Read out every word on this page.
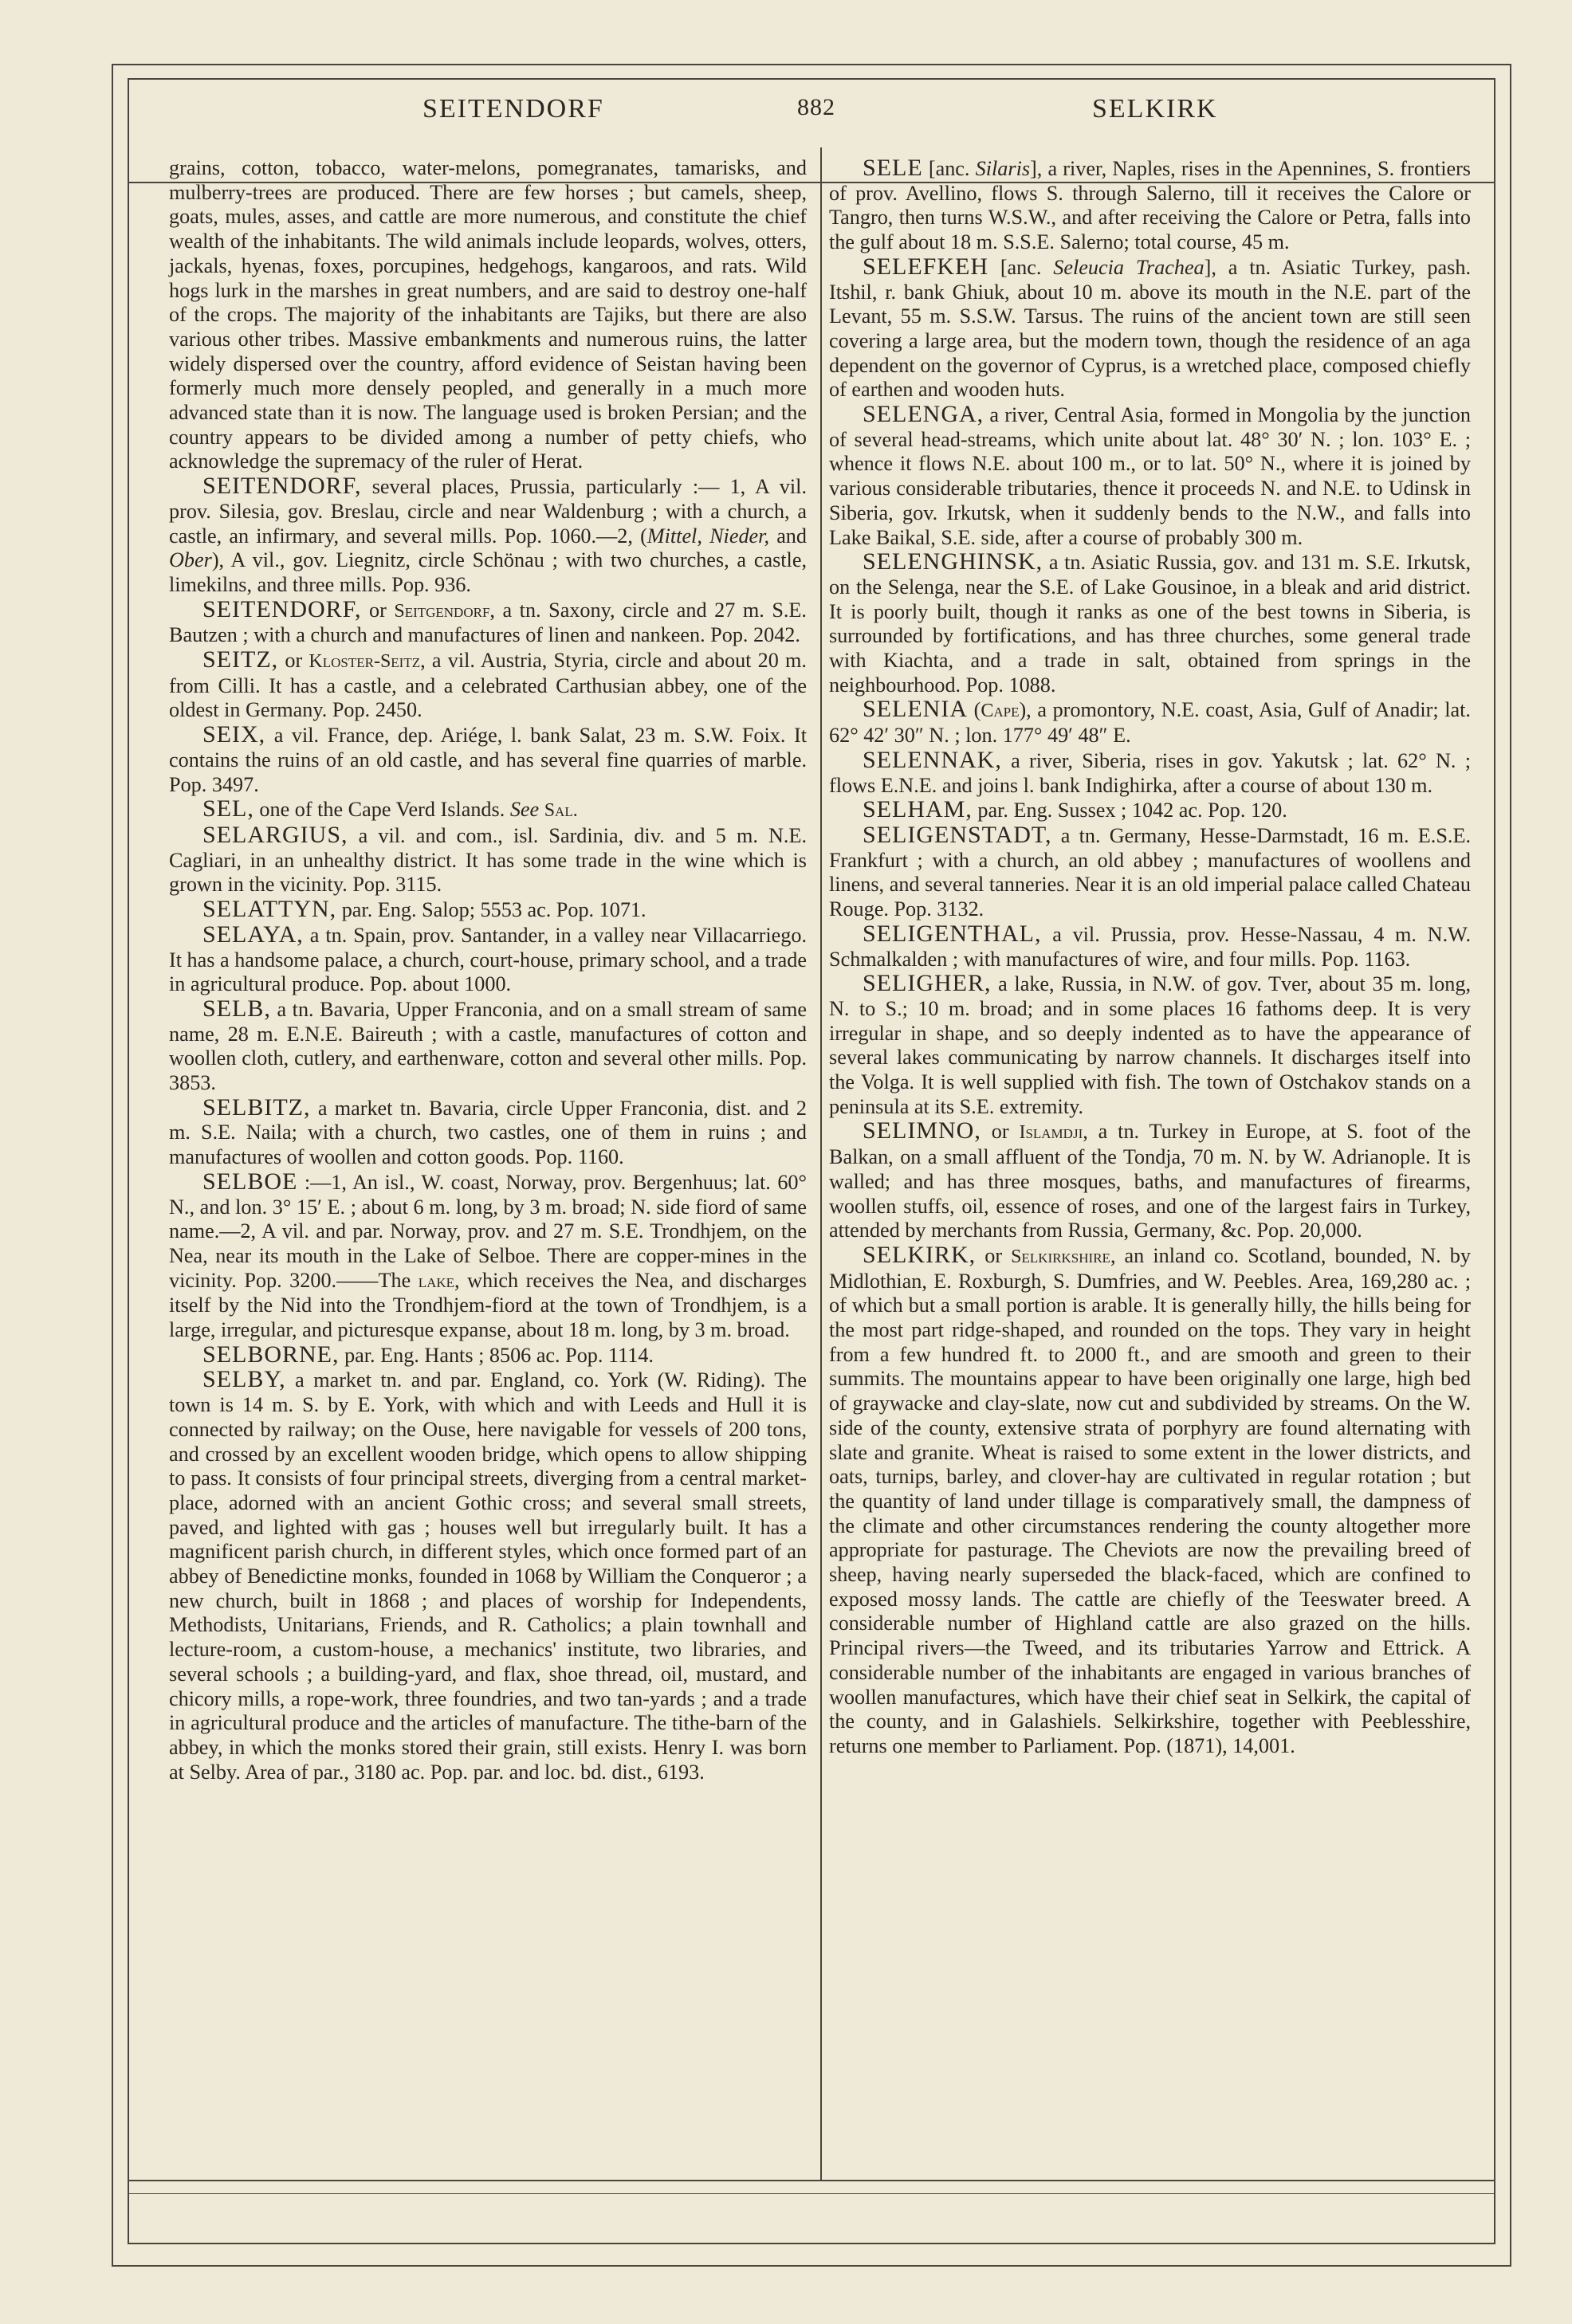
SEITENDORF	882	SELKIRK

grains, cotton, tobacco, water-melons, pomegranates, tamarisks, and mulberry-trees are produced. There are few horses ; but camels, sheep, goats, mules, asses, and cattle are more numerous, and constitute the chief wealth of the inhabitants. The wild animals include leopards, wolves, otters, jackals, hyenas, foxes, porcupines, hedgehogs, kangaroos, and rats. Wild hogs lurk in the marshes in great numbers, and are said to destroy one-half of the crops. The majority of the inhabitants are Tajiks, but there are also various other tribes. Massive embankments and numerous ruins, the latter widely dispersed over the country, afford evidence of Seistan having been formerly much more densely peopled, and generally in a much more advanced state than it is now. The language used is broken Persian; and the country appears to be divided among a number of petty chiefs, who acknowledge the supremacy of the ruler of Herat.

SEITENDORF, several places, Prussia, particularly :— 1, A vil. prov. Silesia, gov. Breslau, circle and near Waldenburg ; with a church, a castle, an infirmary, and several mills. Pop. 1060.—2, (Mittel, Nieder, and Ober), A vil., gov. Liegnitz, circle Schönau ; with two churches, a castle, limekilns, and three mills. Pop. 936.

SEITENDORF, or Seitgendorf, a tn. Saxony, circle and 27 m. S.E. Bautzen ; with a church and manufactures of linen and nankeen. Pop. 2042.

SEITZ, or Kloster-Seitz, a vil. Austria, Styria, circle and about 20 m. from Cilli. It has a castle, and a celebrated Carthusian abbey, one of the oldest in Germany. Pop. 2450.

SEIX, a vil. France, dep. Ariége, l. bank Salat, 23 m. S.W. Foix. It contains the ruins of an old castle, and has several fine quarries of marble. Pop. 3497.

SEL, one of the Cape Verd Islands. See Sal.

SELARGIUS, a vil. and com., isl. Sardinia, div. and 5 m. N.E. Cagliari, in an unhealthy district. It has some trade in the wine which is grown in the vicinity. Pop. 3115.

SELATTYN, par. Eng. Salop; 5553 ac. Pop. 1071.

SELAYA, a tn. Spain, prov. Santander, in a valley near Villacarriego. It has a handsome palace, a church, court-house, primary school, and a trade in agricultural produce. Pop. about 1000.

SELB, a tn. Bavaria, Upper Franconia, and on a small stream of same name, 28 m. E.N.E. Baireuth ; with a castle, manufactures of cotton and woollen cloth, cutlery, and earthenware, cotton and several other mills. Pop. 3853.

SELBITZ, a market tn. Bavaria, circle Upper Franconia, dist. and 2 m. S.E. Naila; with a church, two castles, one of them in ruins ; and manufactures of woollen and cotton goods. Pop. 1160.

SELBOE :—1, An isl., W. coast, Norway, prov. Bergenhuus; lat. 60° N., and lon. 3° 15′ E. ; about 6 m. long, by 3 m. broad; N. side fiord of same name.—2, A vil. and par. Norway, prov. and 27 m. S.E. Trondhjem, on the Nea, near its mouth in the Lake of Selboe. There are copper-mines in the vicinity. Pop. 3200.——The lake, which receives the Nea, and discharges itself by the Nid into the Trondhjem-fiord at the town of Trondhjem, is a large, irregular, and picturesque expanse, about 18 m. long, by 3 m. broad.

SELBORNE, par. Eng. Hants ; 8506 ac. Pop. 1114.

SELBY, a market tn. and par. England, co. York (W. Riding). The town is 14 m. S. by E. York, with which and with Leeds and Hull it is connected by railway; on the Ouse, here navigable for vessels of 200 tons, and crossed by an excellent wooden bridge, which opens to allow shipping to pass. It consists of four principal streets, diverging from a central market-place, adorned with an ancient Gothic cross; and several small streets, paved, and lighted with gas ; houses well but irregularly built. It has a magnificent parish church, in different styles, which once formed part of an abbey of Benedictine monks, founded in 1068 by William the Conqueror ; a new church, built in 1868 ; and places of worship for Independents, Methodists, Unitarians, Friends, and R. Catholics; a plain townhall and lecture-room, a custom-house, a mechanics' institute, two libraries, and several schools ; a building-yard, and flax, shoe thread, oil, mustard, and chicory mills, a rope-work, three foundries, and two tan-yards ; and a trade in agricultural produce and the articles of manufacture. The tithe-barn of the abbey, in which the monks stored their grain, still exists. Henry I. was born at Selby. Area of par., 3180 ac. Pop. par. and loc. bd. dist., 6193.

SELE [anc. Silaris], a river, Naples, rises in the Apennines, S. frontiers of prov. Avellino, flows S. through Salerno, till it receives the Calore or Tangro, then turns W.S.W., and after receiving the Calore or Petra, falls into the gulf about 18 m. S.S.E. Salerno; total course, 45 m.

SELEFKEH [anc. Seleucia Trachea], a tn. Asiatic Turkey, pash. Itshil, r. bank Ghiuk, about 10 m. above its mouth in the N.E. part of the Levant, 55 m. S.S.W. Tarsus. The ruins of the ancient town are still seen covering a large area, but the modern town, though the residence of an aga dependent on the governor of Cyprus, is a wretched place, composed chiefly of earthen and wooden huts.

SELENGA, a river, Central Asia, formed in Mongolia by the junction of several head-streams, which unite about lat. 48° 30′ N. ; lon. 103° E. ; whence it flows N.E. about 100 m., or to lat. 50° N., where it is joined by various considerable tributaries, thence it proceeds N. and N.E. to Udinsk in Siberia, gov. Irkutsk, when it suddenly bends to the N.W., and falls into Lake Baikal, S.E. side, after a course of probably 300 m.

SELENGHINSK, a tn. Asiatic Russia, gov. and 131 m. S.E. Irkutsk, on the Selenga, near the S.E. of Lake Gousinoe, in a bleak and arid district. It is poorly built, though it ranks as one of the best towns in Siberia, is surrounded by fortifications, and has three churches, some general trade with Kiachta, and a trade in salt, obtained from springs in the neighbourhood. Pop. 1088.

SELENIA (Cape), a promontory, N.E. coast, Asia, Gulf of Anadir; lat. 62° 42′ 30″ N. ; lon. 177° 49′ 48″ E.

SELENNAK, a river, Siberia, rises in gov. Yakutsk ; lat. 62° N. ; flows E.N.E. and joins l. bank Indighirka, after a course of about 130 m.

SELHAM, par. Eng. Sussex ; 1042 ac. Pop. 120.

SELIGENSTADT, a tn. Germany, Hesse-Darmstadt, 16 m. E.S.E. Frankfurt ; with a church, an old abbey ; manufactures of woollens and linens, and several tanneries. Near it is an old imperial palace called Chateau Rouge. Pop. 3132.

SELIGENTHAL, a vil. Prussia, prov. Hesse-Nassau, 4 m. N.W. Schmalkalden ; with manufactures of wire, and four mills. Pop. 1163.

SELIGHER, a lake, Russia, in N.W. of gov. Tver, about 35 m. long, N. to S.; 10 m. broad; and in some places 16 fathoms deep. It is very irregular in shape, and so deeply indented as to have the appearance of several lakes communicating by narrow channels. It discharges itself into the Volga. It is well supplied with fish. The town of Ostchakov stands on a peninsula at its S.E. extremity.

SELIMNO, or Islamdji, a tn. Turkey in Europe, at S. foot of the Balkan, on a small affluent of the Tondja, 70 m. N. by W. Adrianople. It is walled; and has three mosques, baths, and manufactures of firearms, woollen stuffs, oil, essence of roses, and one of the largest fairs in Turkey, attended by merchants from Russia, Germany, &c. Pop. 20,000.

SELKIRK, or Selkirkshire, an inland co. Scotland, bounded, N. by Midlothian, E. Roxburgh, S. Dumfries, and W. Peebles. Area, 169,280 ac. ; of which but a small portion is arable. It is generally hilly, the hills being for the most part ridge-shaped, and rounded on the tops. They vary in height from a few hundred ft. to 2000 ft., and are smooth and green to their summits. The mountains appear to have been originally one large, high bed of graywacke and clay-slate, now cut and subdivided by streams. On the W. side of the county, extensive strata of porphyry are found alternating with slate and granite. Wheat is raised to some extent in the lower districts, and oats, turnips, barley, and clover-hay are cultivated in regular rotation ; but the quantity of land under tillage is comparatively small, the dampness of the climate and other circumstances rendering the county altogether more appropriate for pasturage. The Cheviots are now the prevailing breed of sheep, having nearly superseded the black-faced, which are confined to exposed mossy lands. The cattle are chiefly of the Teeswater breed. A considerable number of Highland cattle are also grazed on the hills. Principal rivers—the Tweed, and its tributaries Yarrow and Ettrick. A considerable number of the inhabitants are engaged in various branches of woollen manufactures, which have their chief seat in Selkirk, the capital of the county, and in Galashiels. Selkirkshire, together with Peeblesshire, returns one member to Parliament. Pop. (1871), 14,001.
